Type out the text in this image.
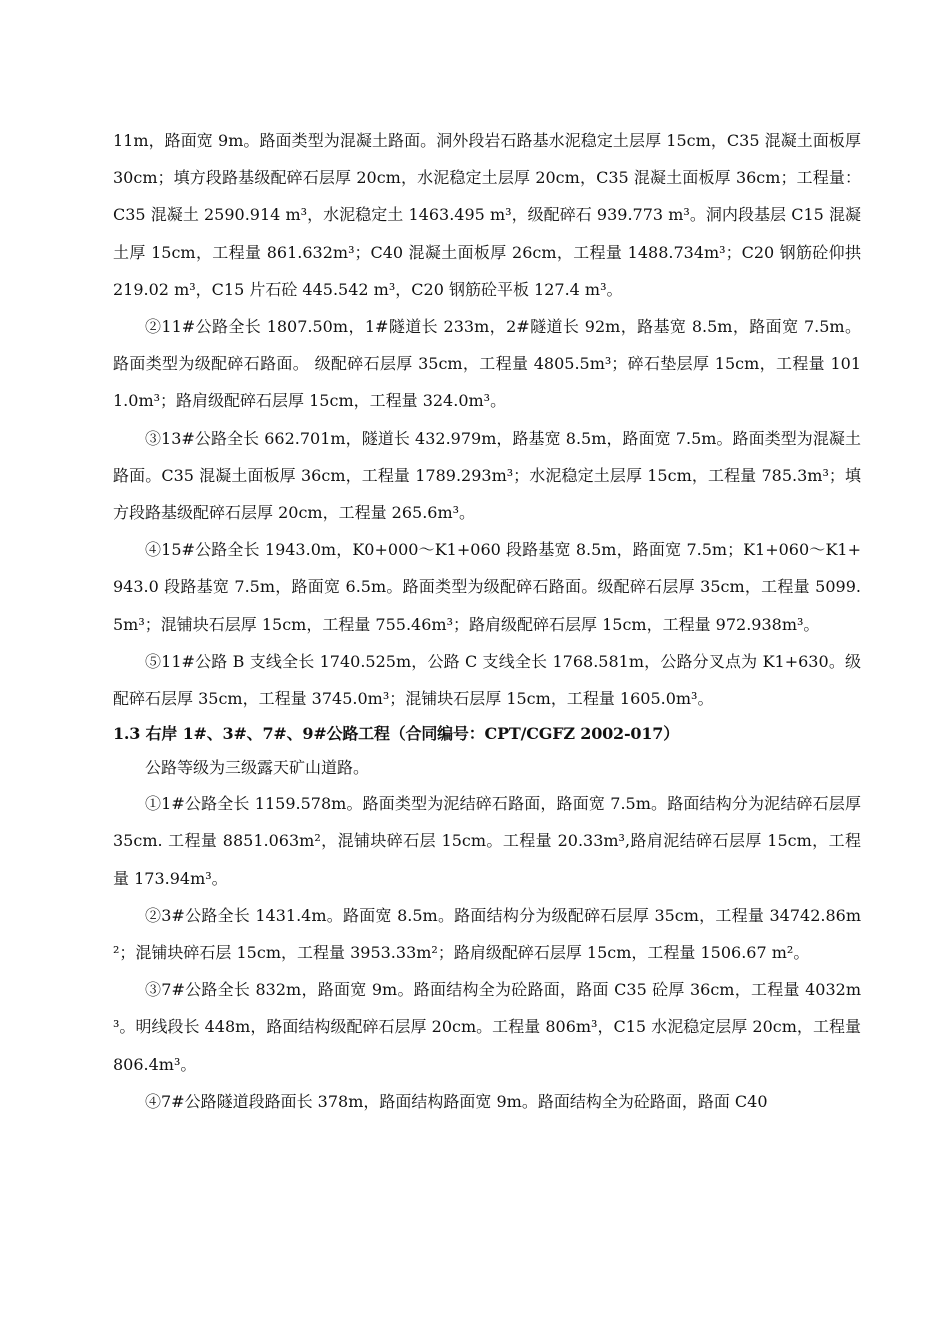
11m，路面宽 9m。路面类型为混凝土路面。洞外段岩石路基水泥稳定土层厚 15cm，C35 混凝土面板厚 30cm；填方段路基级配碎石层厚 20cm，水泥稳定土层厚 20cm，C35 混凝土面板厚 36cm；工程量：C35 混凝土 2590.914 m³，水泥稳定土 1463.495 m³，级配碎石 939.773 m³。洞内段基层 C15 混凝土厚 15cm，工程量 861.632m³；C40 混凝土面板厚 26cm，工程量 1488.734m³；C20 钢筋砼仰拱 219.02 m³，C15 片石砼 445.542 m³，C20 钢筋砼平板 127.4 m³。

②11#公路全长 1807.50m，1#隧道长 233m，2#隧道长 92m，路基宽 8.5m，路面宽 7.5m。路面类型为级配碎石路面。 级配碎石层厚 35cm，工程量 4805.5m³；碎石垫层厚 15cm，工程量 1011.0m³；路肩级配碎石层厚 15cm，工程量 324.0m³。

③13#公路全长 662.701m，隧道长 432.979m，路基宽 8.5m，路面宽 7.5m。路面类型为混凝土路面。C35 混凝土面板厚 36cm，工程量 1789.293m³；水泥稳定土层厚 15cm，工程量 785.3m³；填方段路基级配碎石层厚 20cm，工程量 265.6m³。

④15#公路全长 1943.0m，K0+000～K1+060 段路基宽 8.5m，路面宽 7.5m；K1+060～K1+943.0 段路基宽 7.5m，路面宽 6.5m。路面类型为级配碎石路面。级配碎石层厚 35cm，工程量 5099.5m³；混铺块石层厚 15cm，工程量 755.46m³；路肩级配碎石层厚 15cm，工程量 972.938m³。

⑤11#公路 B 支线全长 1740.525m，公路 C 支线全长 1768.581m，公路分叉点为 K1+630。级配碎石层厚 35cm，工程量 3745.0m³；混铺块石层厚 15cm，工程量 1605.0m³。

1.3 右岸 1#、3#、7#、9#公路工程（合同编号：CPT/CGFZ 2002-017）

公路等级为三级露天矿山道路。

①1#公路全长 1159.578m。路面类型为泥结碎石路面，路面宽 7.5m。路面结构分为泥结碎石层厚 35cm. 工程量 8851.063m²，混铺块碎石层 15cm。工程量 20.33m³,路肩泥结碎石层厚 15cm，工程量 173.94m³。

②3#公路全长 1431.4m。路面宽 8.5m。路面结构分为级配碎石层厚 35cm，工程量 34742.86m²；混铺块碎石层 15cm，工程量 3953.33m²；路肩级配碎石层厚 15cm，工程量 1506.67 m²。

③7#公路全长 832m，路面宽 9m。路面结构全为砼路面，路面 C35 砼厚 36cm，工程量 4032m³。明线段长 448m，路面结构级配碎石层厚 20cm。工程量 806m³，C15 水泥稳定层厚 20cm，工程量 806.4m³。

④7#公路隧道段路面长 378m，路面结构路面宽 9m。路面结构全为砼路面，路面 C40
